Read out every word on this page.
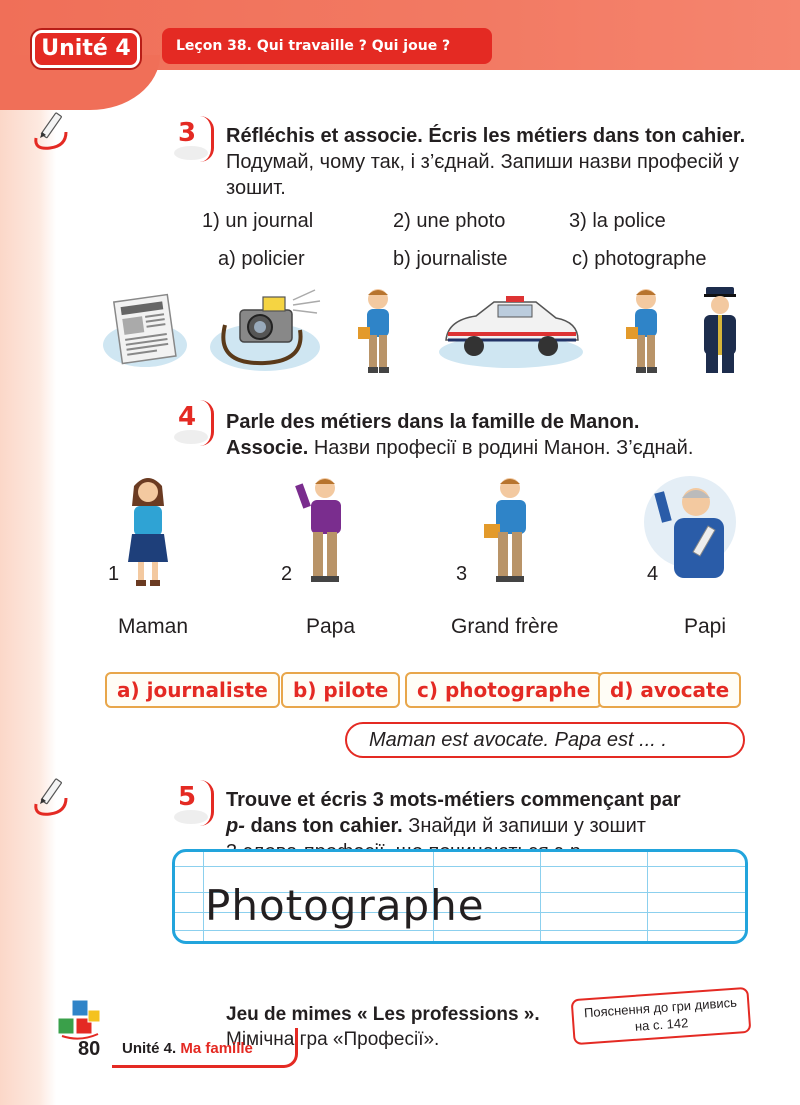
Unité 4	Leçon 38. Qui travaille ? Qui joue ?
3 Réfléchis et associe. Écris les métiers dans ton cahier. Подумай, чому так, і з’єднай. Запиши назви професій у зошит.
1) un journal	2) une photo	3) la police
a) policier	b) journaliste	c) photographe
4 Parle des métiers dans la famille de Manon.
Associe. Назви професії в родині Манон. З’єднай.
1	2	3	4
Maman	Papa	Grand frère	Papi
a) journaliste	b) pilote	c) photographe d) avocate
Maman est avocate. Papa est ... .
5 Trouve et écris 3 mots-métiers commençant par
p- dans ton cahier. Знайди й запиши у зошит
Photographe
Jeu de mimes « Les professions ».
Мімічна гра «Професії».
Пояснення до гри дивись на с. 142
80 Unité 4. Ma famille
